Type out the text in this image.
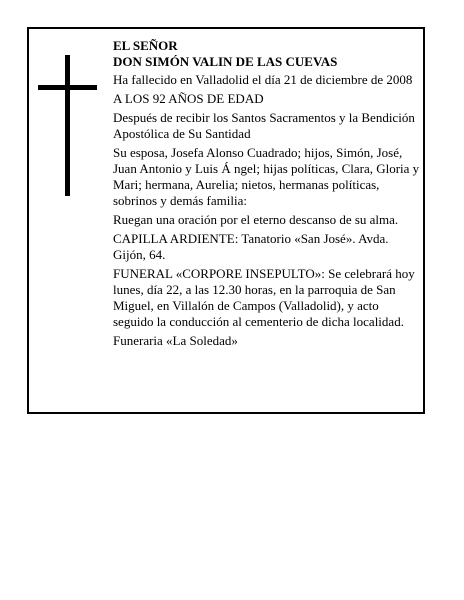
EL SEÑOR

DON SIMÓN VALIN DE LAS CUEVAS

Ha fallecido en Valladolid el día 21 de diciembre de 2008

A LOS 92 AÑOS DE EDAD

Después de recibir los Santos Sacramentos y la Bendición Apostólica de Su Santidad

Su esposa, Josefa Alonso Cuadrado; hijos, Simón, José, Juan Antonio y Luis Á ngel; hijas políticas, Clara, Gloria y Mari; hermana, Aurelia; nietos, hermanas políticas, sobrinos y demás familia:

Ruegan una oración por el eterno descanso de su alma.

CAPILLA ARDIENTE: Tanatorio «San José». Avda. Gijón, 64.

FUNERAL «CORPORE INSEPULTO»: Se celebrará hoy lunes, día 22, a las 12.30 horas, en la parroquia de San Miguel, en Villalón de Campos (Valladolid), y acto seguido la conducción al cementerio de dicha localidad.

Funeraria «La Soledad»
